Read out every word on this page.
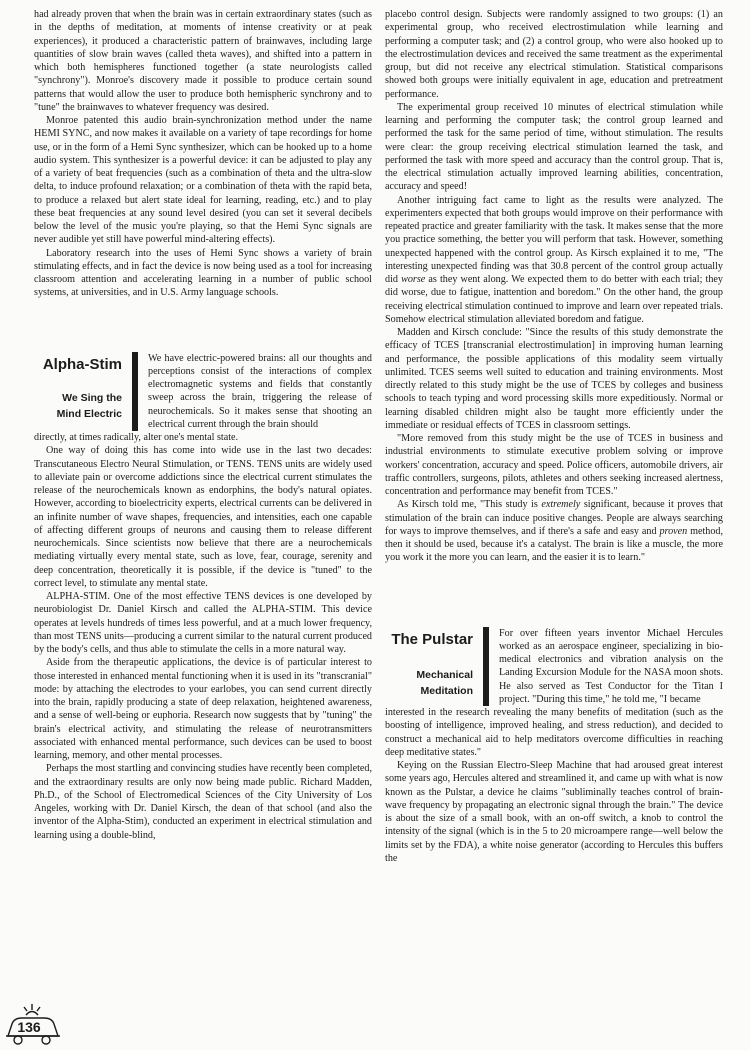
had already proven that when the brain was in certain extraordinary states (such as in the depths of meditation, at moments of intense creativity or at peak experiences), it produced a characteristic pattern of brainwaves, including large quantities of slow brain waves (called theta waves), and shifted into a pattern in which both hemispheres functioned together (a state neurologists called "synchrony"). Monroe's discovery made it possible to produce certain sound patterns that would allow the user to produce both hemispheric synchrony and to "tune" the brainwaves to whatever frequency was desired.

Monroe patented this audio brain-synchronization method under the name HEMI SYNC, and now makes it available on a variety of tape recordings for home use, or in the form of a Hemi Sync synthesizer, which can be hooked up to a home audio system. This synthesizer is a powerful device: it can be adjusted to play any of a variety of beat frequencies (such as a combination of theta and the ultra-slow delta, to induce profound relaxation; or a combination of theta with the rapid beta, to produce a relaxed but alert state ideal for learning, reading, etc.) and to play these beat frequencies at any sound level desired (you can set it several decibels below the level of the music you're playing, so that the Hemi Sync signals are never audible yet still have powerful mind-altering effects).

Laboratory research into the uses of Hemi Sync shows a variety of brain stimulating effects, and in fact the device is now being used as a tool for increasing classroom attention and accelerating learning in a number of public school systems, at universities, and in U.S. Army language schools.

Alpha-Stim
We Sing the
Mind Electric
We have electric-powered brains: all our thoughts and perceptions consist of the interactions of complex electromagnetic systems and fields that constantly sweep across the brain, triggering the release of neurochemicals. So it makes sense that shooting an electrical current through the brain should

directly, at times radically, alter one's mental state.

One way of doing this has come into wide use in the last two decades: Transcutaneous Electro Neural Stimulation, or TENS. TENS units are widely used to alleviate pain or overcome addictions since the electrical current stimulates the release of the neurochemicals known as endorphins, the body's natural opiates. However, according to bioelectricity experts, electrical currents can be delivered in an infinite number of wave shapes, frequencies, and intensities, each one capable of affecting different groups of neurons and causing them to release different neurochemicals. Since scientists now believe that there are a neurochemicals mediating virtually every mental state, such as love, fear, courage, serenity and deep concentration, theoretically it is possible, if the device is "tuned" to the correct level, to stimulate any mental state.

ALPHA-STIM. One of the most effective TENS devices is one developed by neurobiologist Dr. Daniel Kirsch and called the ALPHA-STIM. This device operates at levels hundreds of times less powerful, and at a much lower frequency, than most TENS units—producing a current similar to the natural current produced by the body's cells, and thus able to stimulate the cells in a more natural way.

Aside from the therapeutic applications, the device is of particular interest to those interested in enhanced mental functioning when it is used in its "transcranial" mode: by attaching the electrodes to your earlobes, you can send current directly into the brain, rapidly producing a state of deep relaxation, heightened awareness, and a sense of well-being or euphoria. Research now suggests that by "tuning" the brain's electrical activity, and stimulating the release of neurotransmitters associated with enhanced mental performance, such devices can be used to boost learning, memory, and other mental processes.

Perhaps the most startling and convincing studies have recently been completed, and the extraordinary results are only now being made public. Richard Madden, Ph.D., of the School of Electromedical Sciences of the City University of Los Angeles, working with Dr. Daniel Kirsch, the dean of that school (and also the inventor of the Alpha-Stim), conducted an experiment in electrical stimulation and learning using a double-blind,

placebo control design. Subjects were randomly assigned to two groups: (1) an experimental group, who received electrostimulation while learning and performing a computer task; and (2) a control group, who were also hooked up to the electrostimulation devices and received the same treatment as the experimental group, but did not receive any electrical stimulation. Statistical comparisons showed both groups were initially equivalent in age, education and pretreatment performance.

The experimental group received 10 minutes of electrical stimulation while learning and performing the computer task; the control group learned and performed the task for the same period of time, without stimulation. The results were clear: the group receiving electrical stimulation learned the task, and performed the task with more speed and accuracy than the control group. That is, the electrical stimulation actually improved learning abilities, concentration, accuracy and speed!

Another intriguing fact came to light as the results were analyzed. The experimenters expected that both groups would improve on their performance with repeated practice and greater familiarity with the task. It makes sense that the more you practice something, the better you will perform that task. However, something unexpected happened with the control group. As Kirsch explained it to me, "The interesting unexpected finding was that 30.8 percent of the control group actually did worse as they went along. We expected them to do better with each trial; they did worse, due to fatigue, inattention and boredom." On the other hand, the group receiving electrical stimulation continued to improve and learn over repeated trials. Somehow electrical stimulation alleviated boredom and fatigue.

Madden and Kirsch conclude: "Since the results of this study demonstrate the efficacy of TCES [transcranial electrostimulation] in improving human learning and performance, the possible applications of this modality seem virtually unlimited. TCES seems well suited to education and training environments. Most directly related to this study might be the use of TCES by colleges and business schools to teach typing and word processing skills more expeditiously. Normal or learning disabled children might also be taught more efficiently under the immediate or residual effects of TCES in classroom settings.

"More removed from this study might be the use of TCES in business and industrial environments to stimulate executive problem solving or improve workers' concentration, accuracy and speed. Police officers, automobile drivers, air traffic controllers, surgeons, pilots, athletes and others seeking increased alertness, concentration and performance may benefit from TCES."

As Kirsch told me, "This study is extremely significant, because it proves that stimulation of the brain can induce positive changes. People are always searching for ways to improve themselves, and if there's a safe and easy and proven method, then it should be used, because it's a catalyst. The brain is like a muscle, the more you work it the more you can learn, and the easier it is to learn."

The Pulstar
Mechanical
Meditation
For over fifteen years inventor Michael Hercules worked as an aerospace engineer, specializing in bio-medical electronics and vibration analysis on the Landing Excursion Module for the NASA moon shots. He also served as Test Conductor for the Titan I project. "During this time," he told me, "I became

interested in the research revealing the many benefits of meditation (such as the boosting of intelligence, improved healing, and stress reduction), and decided to construct a mechanical aid to help meditators overcome difficulties in reaching deep meditative states."

Keying on the Russian Electro-Sleep Machine that had aroused great interest some years ago, Hercules altered and streamlined it, and came up with what is now known as the Pulstar, a device he claims "subliminally teaches control of brain-wave frequency by propagating an electronic signal through the brain." The device is about the size of a small book, with an on-off switch, a knob to control the intensity of the signal (which is in the 5 to 20 microampere range—well below the limits set by the FDA), a white noise generator (according to Hercules this buffers the

136
